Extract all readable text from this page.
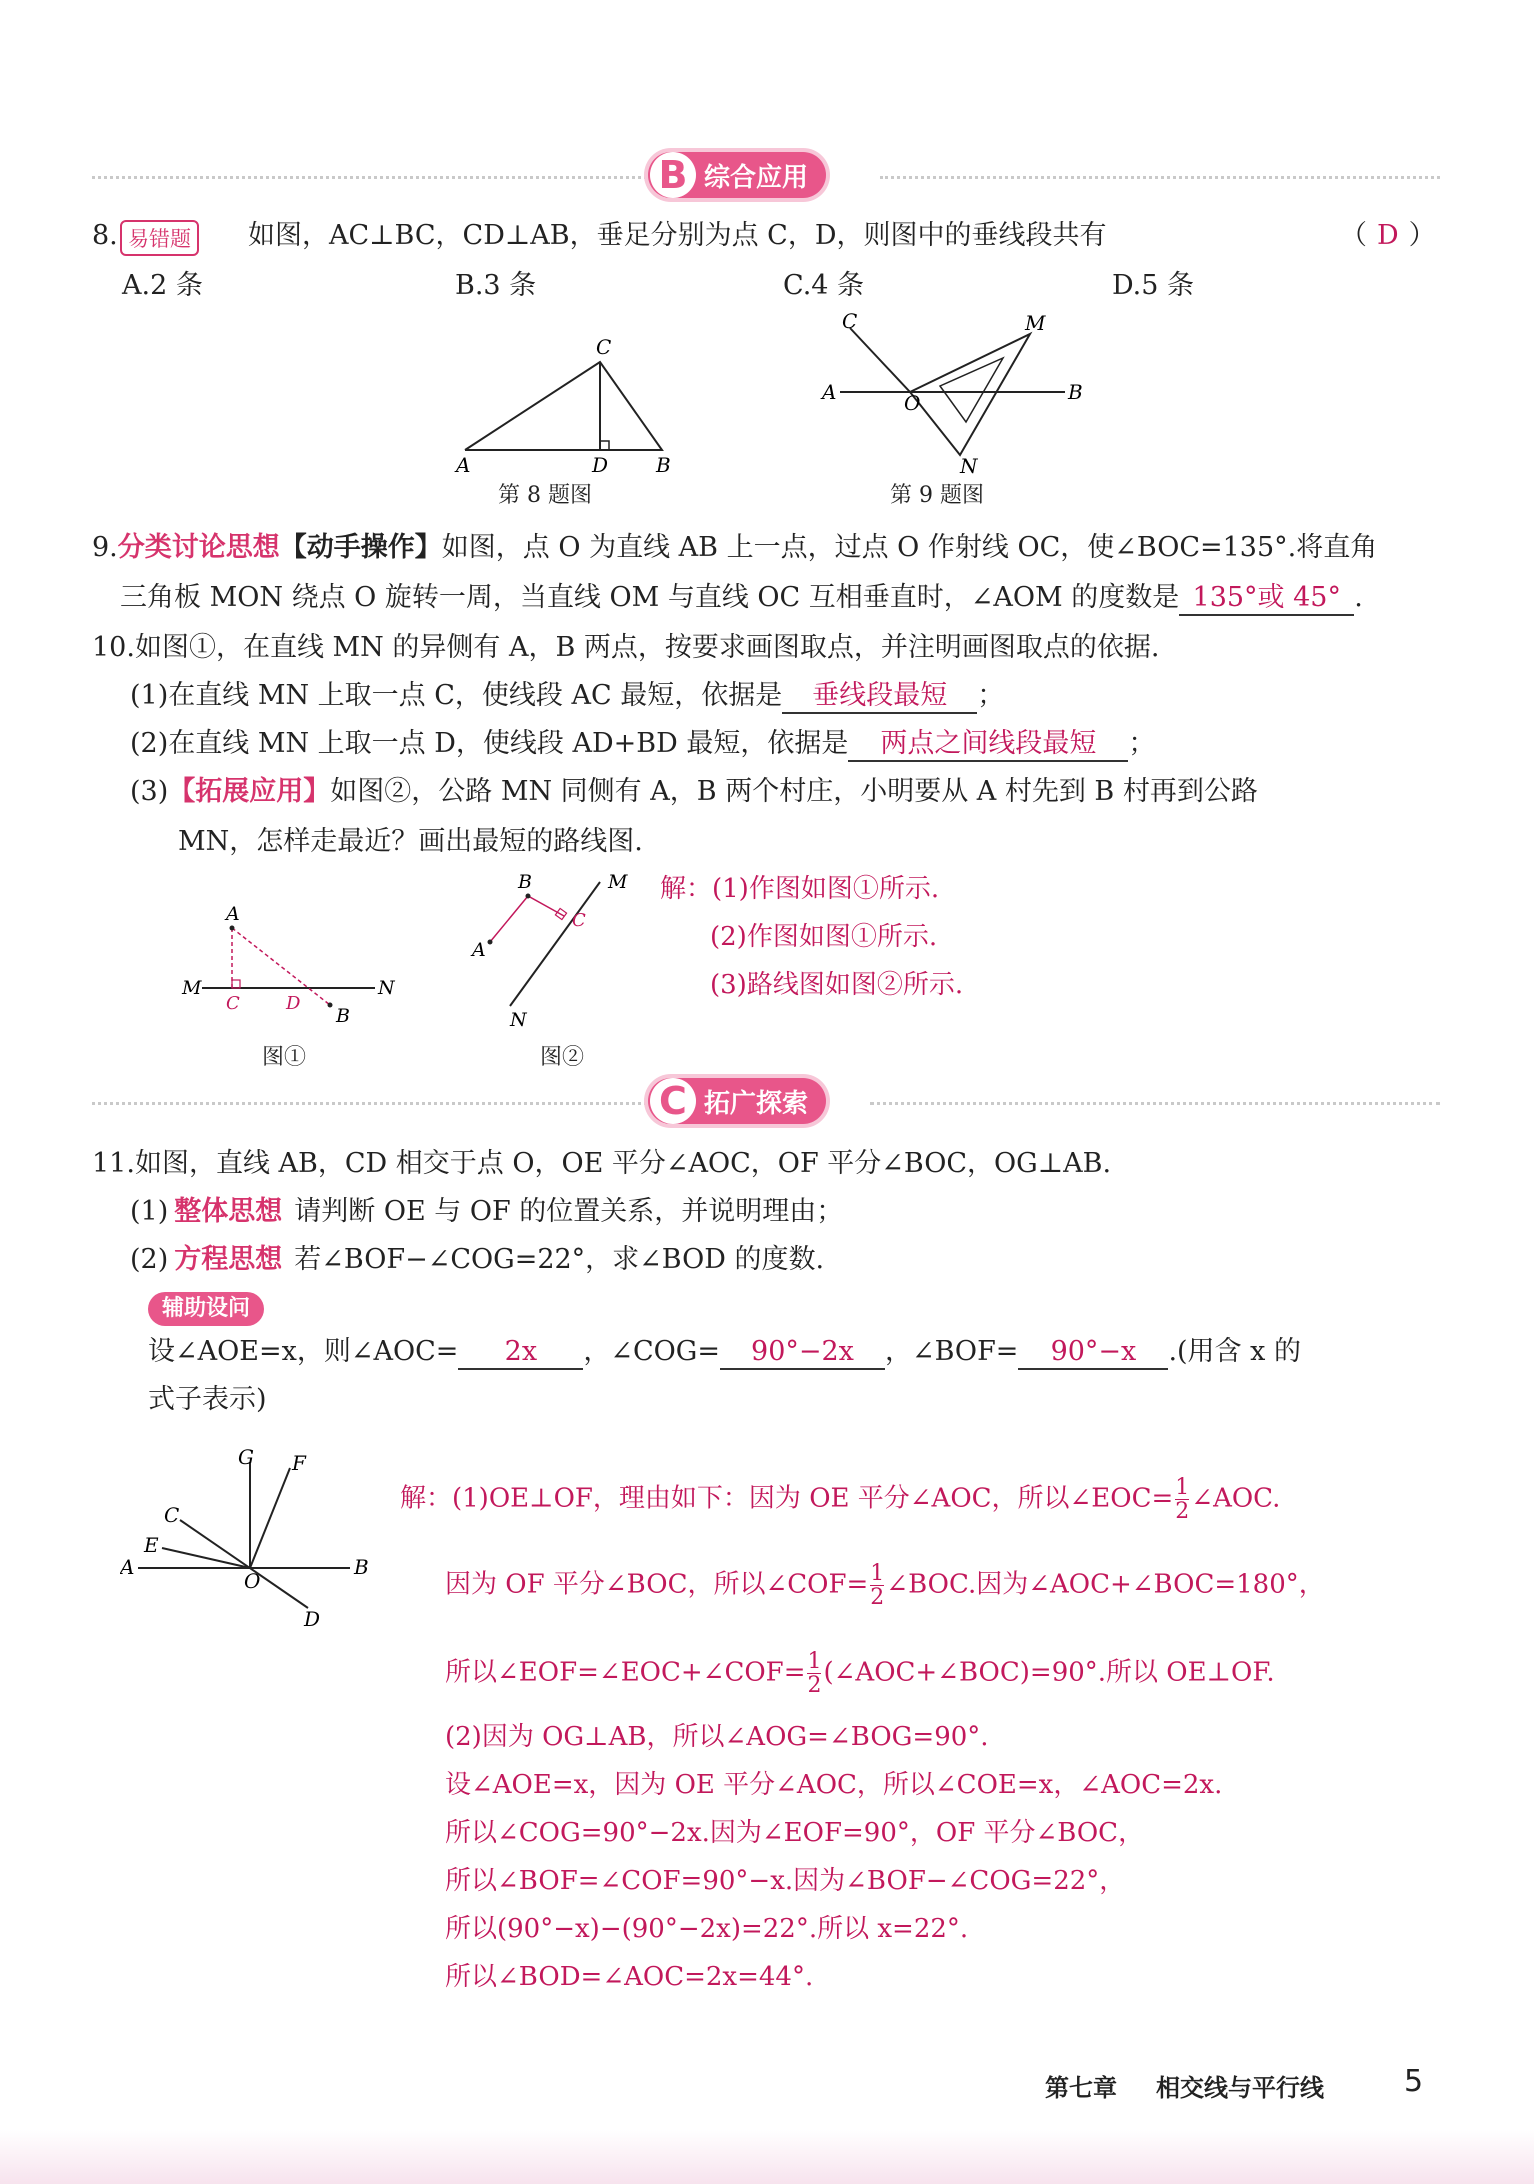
B 综合应用
8. 易错题 如图，AC⊥BC，CD⊥AB，垂足分别为点 C，D，则图中的垂线段共有	（ D ）
A.2 条	B.3 条	C.4 条	D.5 条
C
A	D B
第 8 题图
C	M
A	B
O
N
第 9 题图
9.分类讨论思想【动手操作】如图，点 O 为直线 AB 上一点，过点 O 作射线 OC，使∠BOC=135°.将直角
三角板 MON 绕点 O 旋转一周，当直线 OM 与直线 OC 互相垂直时，∠AOM 的度数是 135°或 45° .
10.如图①，在直线 MN 的异侧有 A，B 两点，按要求画图取点，并注明画图取点的依据.
(1)在直线 MN 上取一点 C，使线段 AC 最短，依据是 垂线段最短 ；
(2)在直线 MN 上取一点 D，使线段 AD+BD 最短，依据是 两点之间线段最短 ；
(3)【拓展应用】如图②，公路 MN 同侧有 A，B 两个村庄，小明要从 A 村先到 B 村再到公路
MN，怎样走最近？画出最短的路线图.
A
M	N
C	D
B
图①
B	M
A
C
N
图②
解：(1)作图如图①所示.
(2)作图如图①所示.
(3)路线图如图②所示.
C 拓广探索
11.如图，直线 AB，CD 相交于点 O，OE 平分∠AOC，OF 平分∠BOC，OG⊥AB.
(1) 整体思想 请判断 OE 与 OF 的位置关系，并说明理由；
(2) 方程思想 若∠BOF−∠COG=22°，求∠BOD 的度数.
辅助设问
设∠AOE=x，则∠AOC= 2x ，∠COG= 90°−2x ，∠BOF= 90°−x .(用含 x 的
式子表示)
G F
C
E
A
O
B
D
解：(1)OE⊥OF，理由如下：因为 OE 平分∠AOC，所以∠EOC= $\frac{1}{2}$ ∠AOC.
因为 OF 平分∠BOC，所以∠COF= $\frac{1}{2}$ ∠BOC.因为∠AOC+∠BOC=180°，
所以∠EOF=∠EOC+∠COF= $\frac{1}{2}$ (∠AOC+∠BOC)=90°.所以 OE⊥OF.
(2)因为 OG⊥AB，所以∠AOG=∠BOG=90°.
设∠AOE=x，因为 OE 平分∠AOC，所以∠COE=x，∠AOC=2x.
所以∠COG=90°−2x.因为∠EOF=90°，OF 平分∠BOC，
所以∠BOF=∠COF=90°−x.因为∠BOF−∠COG=22°，
所以(90°−x)−(90°−2x)=22°.所以 x=22°.
所以∠BOD=∠AOC=2x=44°.
第七章 相交线与平行线	5
